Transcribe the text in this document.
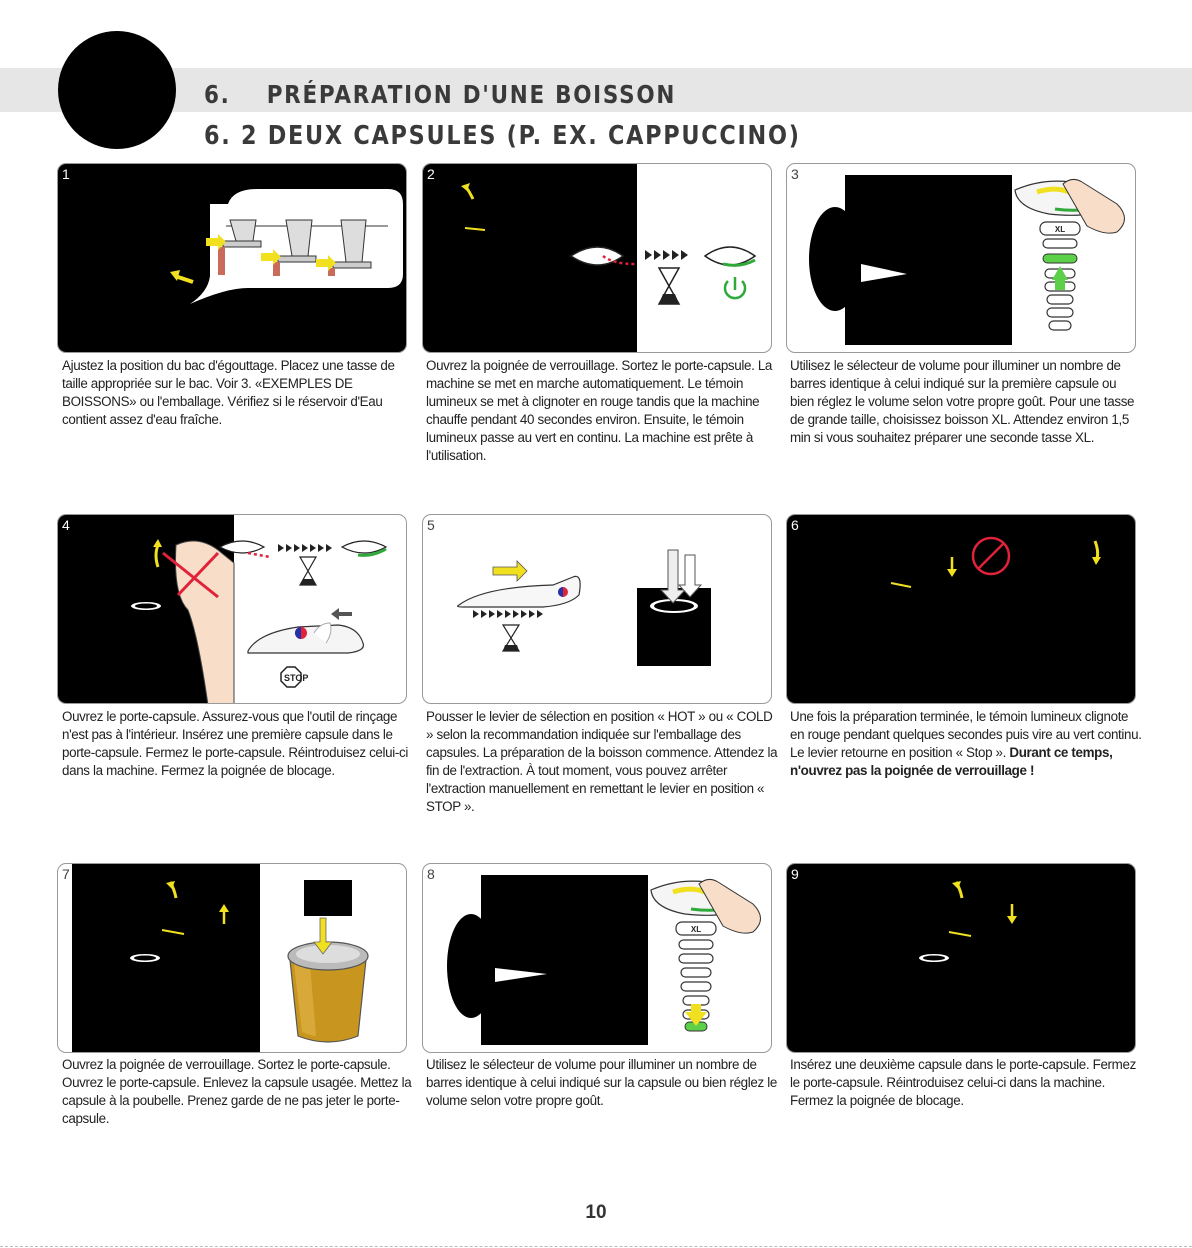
6. PRÉPARATION D'UNE BOISSON
6. 2 DEUX CAPSULES (P. EX. CAPPUCCINO)
1
Ajustez la position du bac d'égouttage. Placez une tasse de taille appropriée sur le bac. Voir 3. «EXEMPLES DE BOISSONS» ou l'emballage. Vérifiez si le réservoir d'Eau contient assez d'eau fraîche.
2
Ouvrez la poignée de verrouillage. Sortez le porte-capsule. La machine se met en marche automatiquement. Le témoin lumineux se met à clignoter en rouge tandis que la machine chauffe pendant 40 secondes environ. Ensuite, le témoin lumineux passe au vert en continu. La machine est prête à l'utilisation.
3
XL
Utilisez le sélecteur de volume pour illuminer un nombre de barres identique à celui indiqué sur la première capsule ou bien réglez le volume selon votre propre goût. Pour une tasse de grande taille, choisissez boisson XL. Attendez environ 1,5 min si vous souhaitez préparer une seconde tasse XL.
4
STOP
Ouvrez le porte-capsule. Assurez-vous que l'outil de rinçage n'est pas à l'intérieur. Insérez une première capsule dans le porte-capsule. Fermez le porte-capsule. Réintroduisez celui-ci dans la machine. Fermez la poignée de blocage.
5
Pousser le levier de sélection en position « HOT » ou « COLD » selon la recommandation indiquée sur l'emballage des capsules. La préparation de la boisson commence. Attendez la fin de l'extraction. À tout moment, vous pouvez arrêter l'extraction manuellement en remettant le levier en position « STOP ».
6
Une fois la préparation terminée, le témoin lumineux clignote en rouge pendant quelques secondes puis vire au vert continu. Le levier retourne en position « Stop ». Durant ce temps, n'ouvrez pas la poignée de verrouillage !
7
Ouvrez la poignée de verrouillage. Sortez le porte-capsule. Ouvrez le porte-capsule. Enlevez la capsule usagée. Mettez la capsule à la poubelle. Prenez garde de ne pas jeter le porte-capsule.
8
XL
Utilisez le sélecteur de volume pour illuminer un nombre de barres identique à celui indiqué sur la capsule ou bien réglez le volume selon votre propre goût.
9
Insérez une deuxième capsule dans le porte-capsule. Fermez le porte-capsule. Réintroduisez celui-ci dans la machine. Fermez la poignée de blocage.
10
